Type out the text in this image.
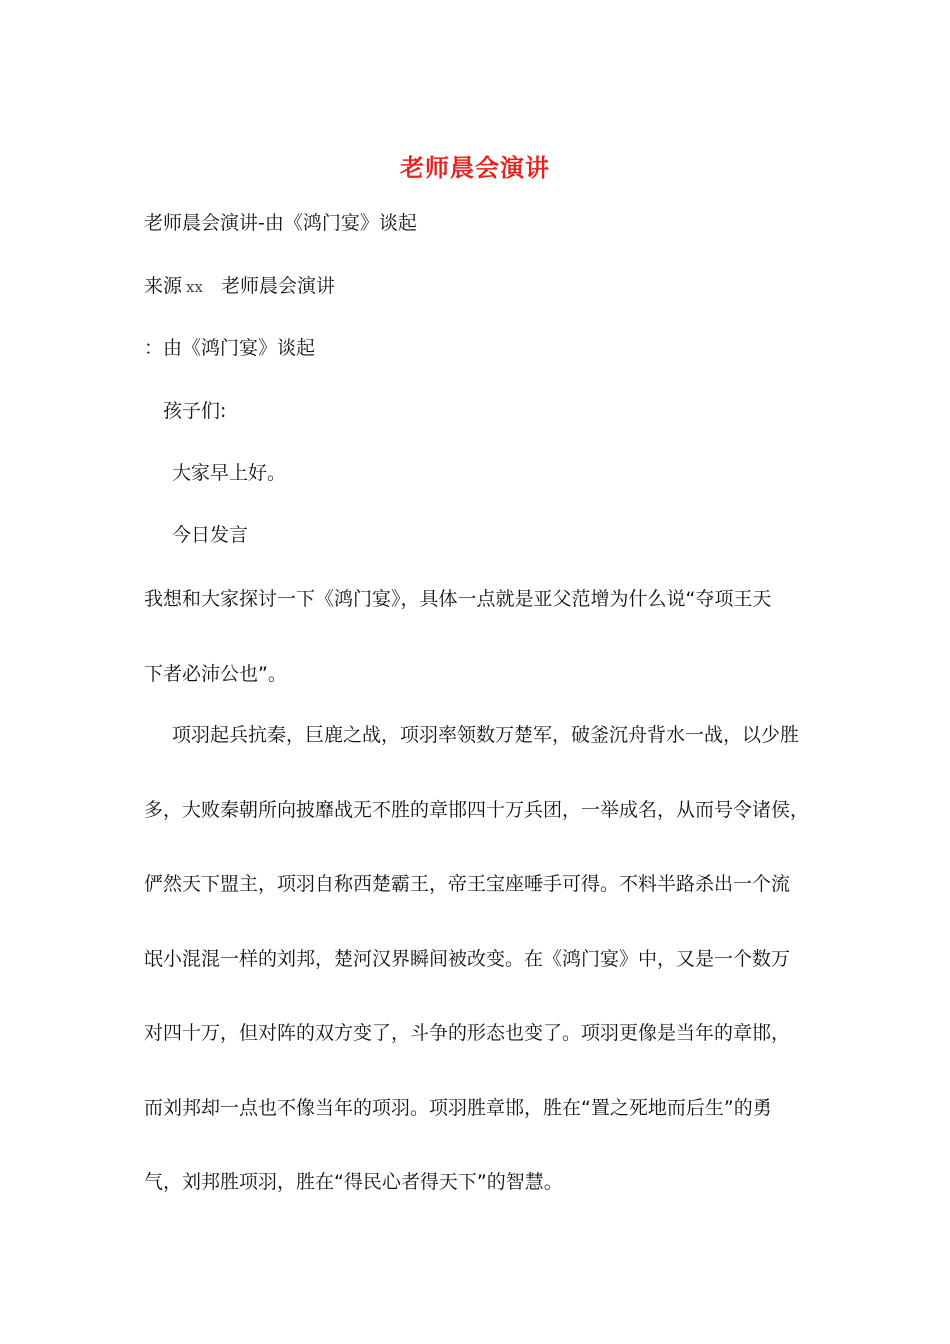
老师晨会演讲
老师晨会演讲-由《鸿门宴》谈起
来源 xx 老师晨会演讲
：由《鸿门宴》谈起
孩子们:
大家早上好。
今日发言
我想和大家探讨一下《鸿门宴》，具体一点就是亚父范增为什么说“夺项王天
下者必沛公也”。
项羽起兵抗秦，巨鹿之战，项羽率领数万楚军，破釜沉舟背水一战，以少胜
多，大败秦朝所向披靡战无不胜的章邯四十万兵团，一举成名，从而号令诸侯，
俨然天下盟主，项羽自称西楚霸王，帝王宝座唾手可得。不料半路杀出一个流
氓小混混一样的刘邦，楚河汉界瞬间被改变。在《鸿门宴》中，又是一个数万
对四十万，但对阵的双方变了，斗争的形态也变了。项羽更像是当年的章邯，
而刘邦却一点也不像当年的项羽。项羽胜章邯，胜在“置之死地而后生”的勇
气，刘邦胜项羽，胜在“得民心者得天下”的智慧。
